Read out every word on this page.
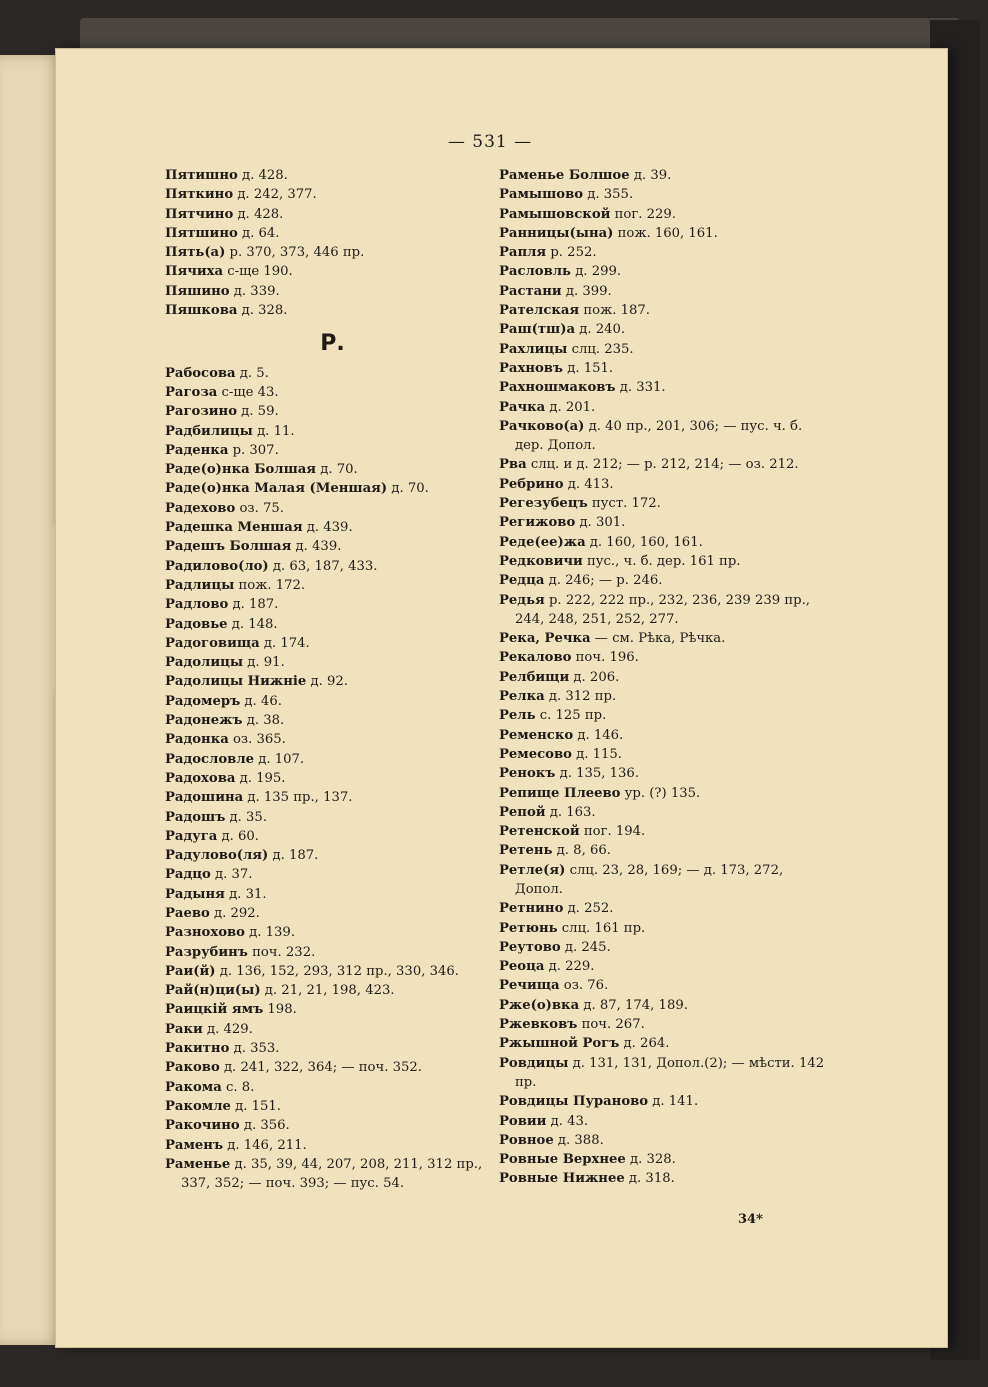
— 531 —
Пятишно д. 428.
Пяткино д. 242, 377.
Пятчино д. 428.
Пятшино д. 64.
Пять(а) р. 370, 373, 446 пр.
Пячиха с-ще 190.
Пяшино д. 339.
Пяшкова д. 328.
Р.
Рабосова д. 5.
Рагоза с-ще 43.
Рагозино д. 59.
Радбилицы д. 11.
Раденка р. 307.
Раде(о)нка Болшая д. 70.
Раде(о)нка Малая (Меншая) д. 70.
Радехово оз. 75.
Радешка Меншая д. 439.
Радешъ Болшая д. 439.
Радилово(ло) д. 63, 187, 433.
Радлицы пож. 172.
Радлово д. 187.
Радовье д. 148.
Радоговища д. 174.
Радолицы д. 91.
Радолицы Нижнiе д. 92.
Радомеръ д. 46.
Радонежъ д. 38.
Радонка оз. 365.
Радословле д. 107.
Радохова д. 195.
Радошина д. 135 пр., 137.
Радошъ д. 35.
Радуга д. 60.
Радулово(ля) д. 187.
Радцо д. 37.
Радыня д. 31.
Раево д. 292.
Разнохово д. 139.
Разрубинъ поч. 232.
Раи(й) д. 136, 152, 293, 312 пр., 330, 346.
Рай(н)ци(ы) д. 21, 21, 198, 423.
Раицкiй ямъ 198.
Раки д. 429.
Ракитно д. 353.
Раково д. 241, 322, 364; — поч. 352.
Ракома с. 8.
Ракомле д. 151.
Ракочино д. 356.
Раменъ д. 146, 211.
Раменье д. 35, 39, 44, 207, 208, 211, 312 пр., 337, 352; — поч. 393; — пус. 54.
Раменье Болшое д. 39.
Рамышово д. 355.
Рамышовской пог. 229.
Ранницы(ына) пож. 160, 161.
Рапля р. 252.
Расловль д. 299.
Растани д. 399.
Рателская пож. 187.
Раш(тш)а д. 240.
Рахлицы слц. 235.
Рахновъ д. 151.
Рахношмаковъ д. 331.
Рачка д. 201.
Рачково(а) д. 40 пр., 201, 306; — пус. ч. б. дер. Допол.
Рва слц. и д. 212; — р. 212, 214; — оз. 212.
Ребрино д. 413.
Регезубецъ пуст. 172.
Регижово д. 301.
Реде(ее)жа д. 160, 160, 161.
Редковичи пус., ч. б. дер. 161 пр.
Редца д. 246; — р. 246.
Редья р. 222, 222 пр., 232, 236, 239 239 пр., 244, 248, 251, 252, 277.
Река, Речка — см. Рѣка, Рѣчка.
Рекалово поч. 196.
Релбищи д. 206.
Релка д. 312 пр.
Рель с. 125 пр.
Ременско д. 146.
Ремесово д. 115.
Ренокъ д. 135, 136.
Репище Плеево ур. (?) 135.
Репой д. 163.
Ретенской пог. 194.
Ретень д. 8, 66.
Ретле(я) слц. 23, 28, 169; — д. 173, 272, Допол.
Ретнино д. 252.
Ретюнь слц. 161 пр.
Реутово д. 245.
Реоца д. 229.
Речища оз. 76.
Рже(о)вка д. 87, 174, 189.
Ржевковъ поч. 267.
Ржышной Рогъ д. 264.
Ровдицы д. 131, 131, Допол.(2); — мѣсти. 142 пр.
Ровдицы Пураново д. 141.
Ровии д. 43.
Ровное д. 388.
Ровные Верхнее д. 328.
Ровные Нижнее д. 318.
34*
